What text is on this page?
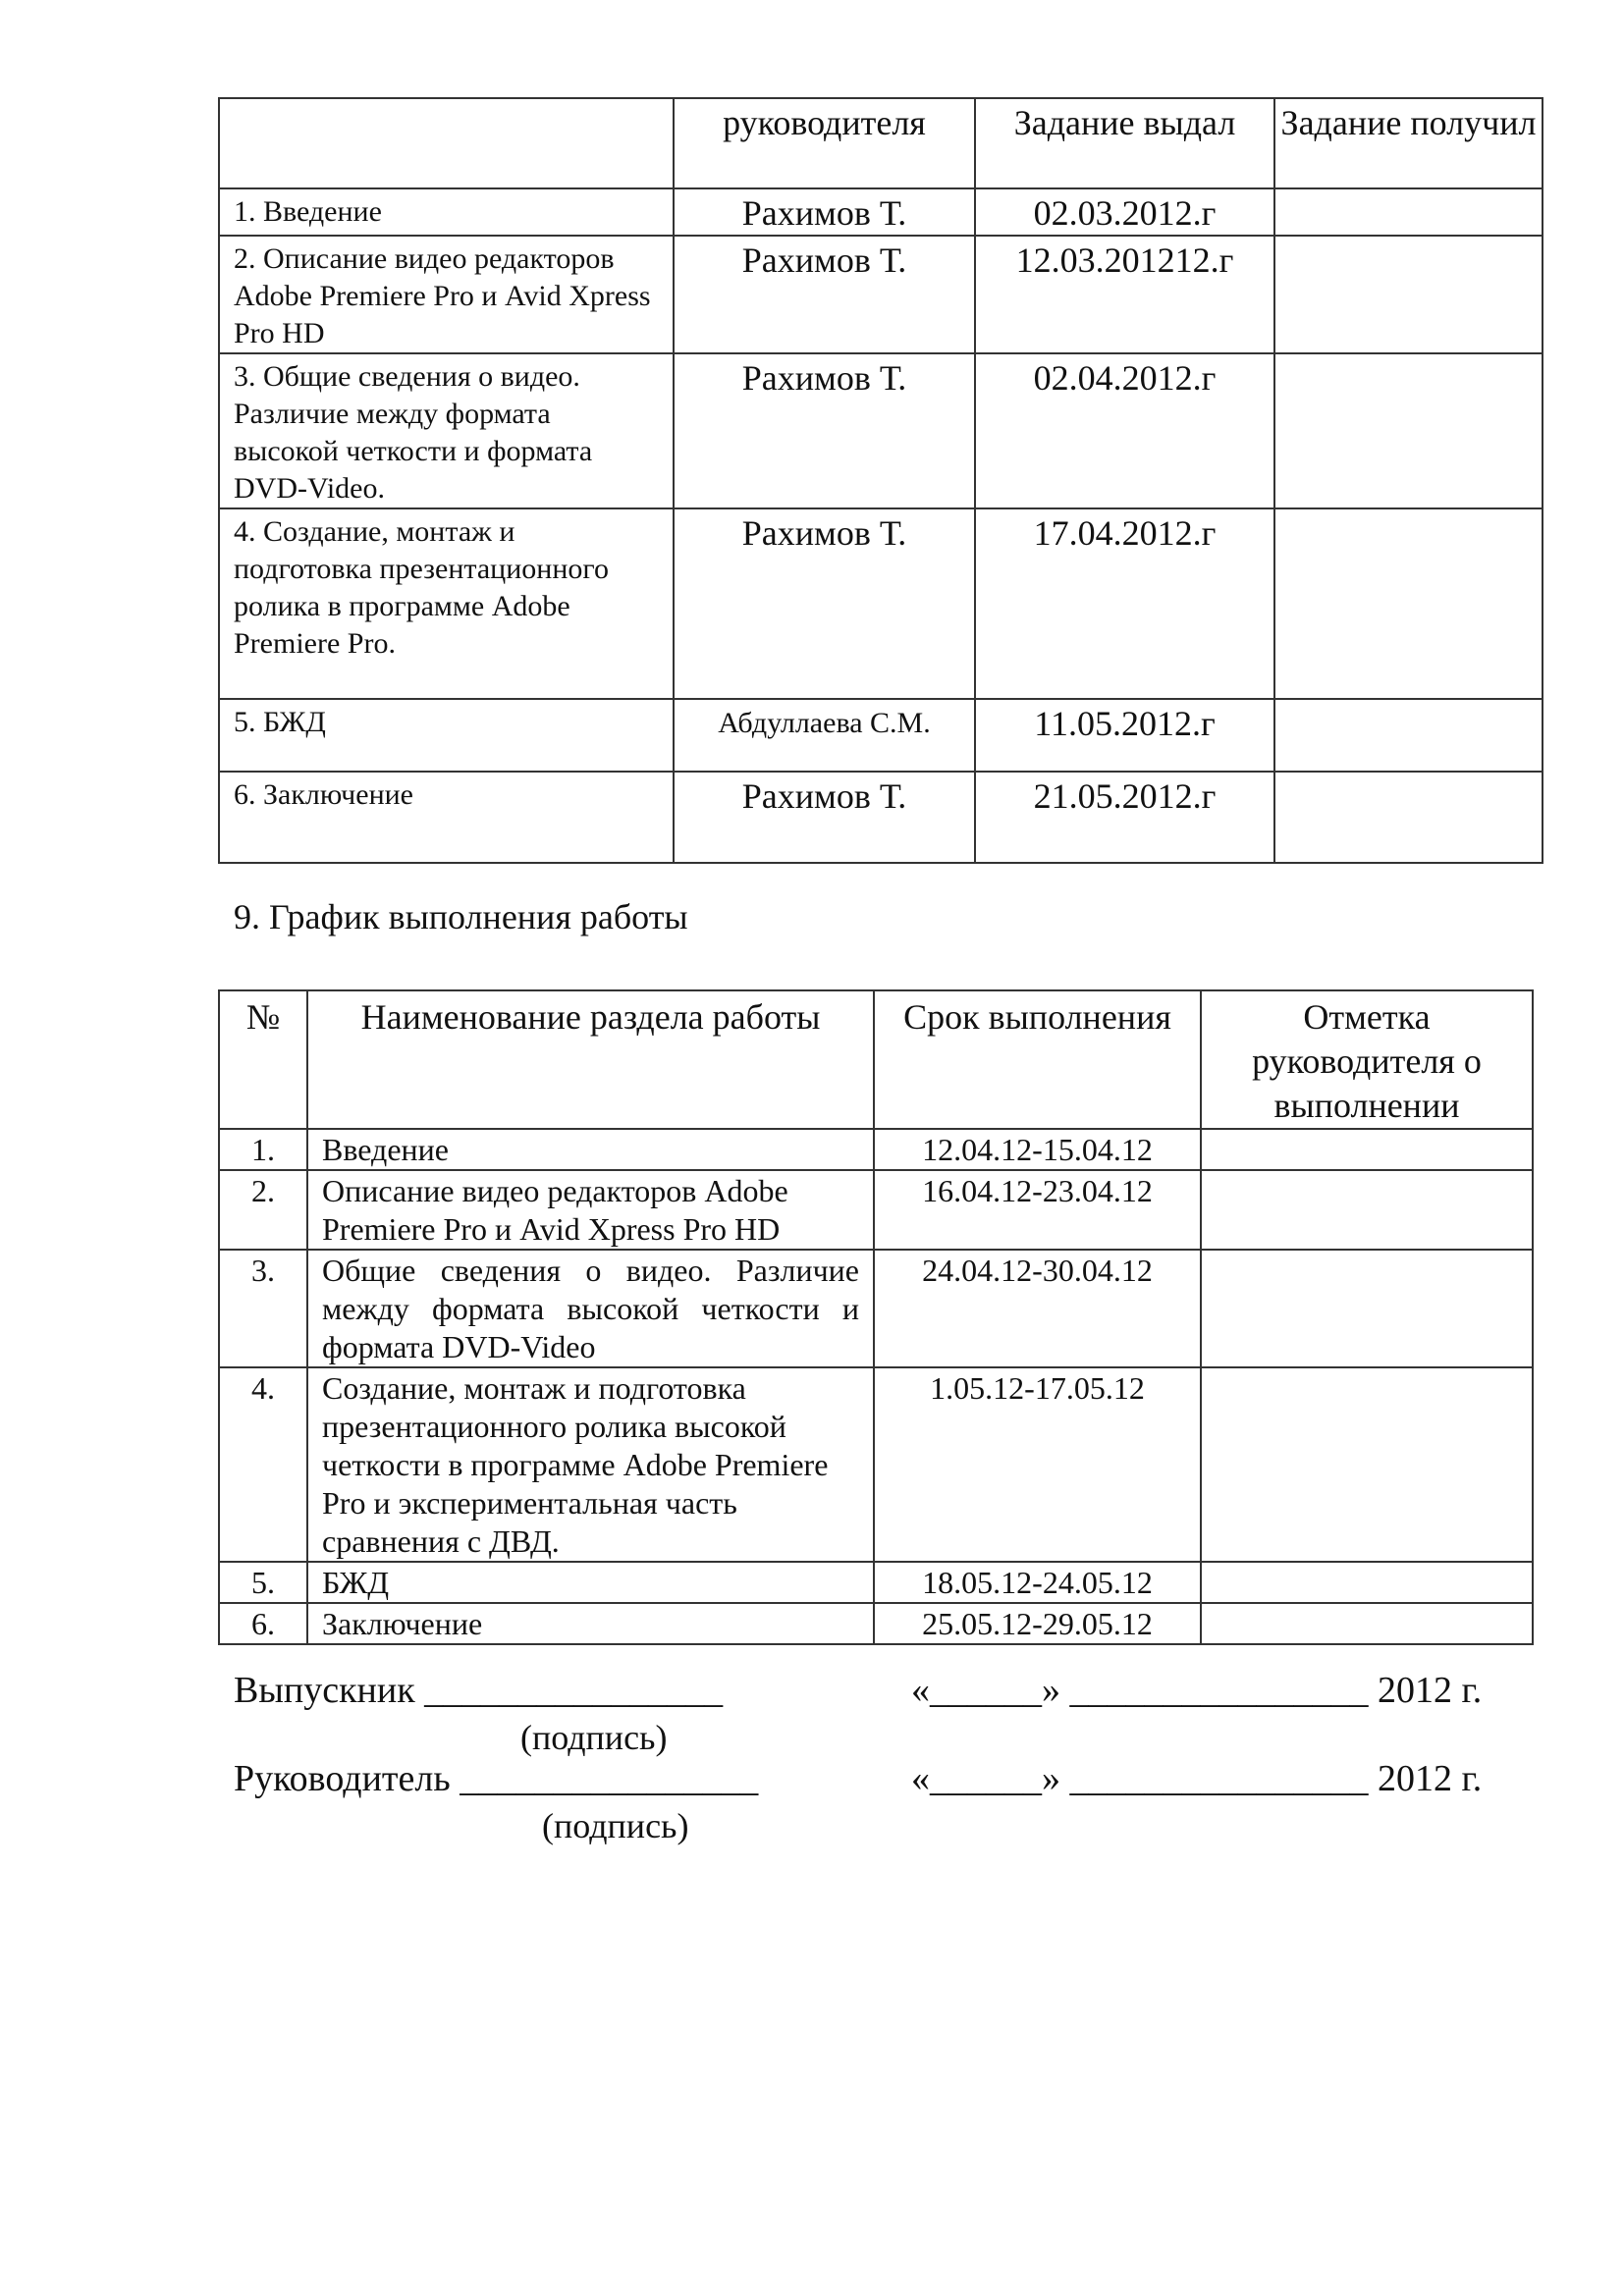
	руководителя	Задание выдал	Задание получил
1. Введение	Рахимов Т.	02.03.2012.г	
2. Описание видео редакторов Adobe Premiere Pro и Avid Xpress Pro HD	Рахимов Т.	12.03.201212.г	
3. Общие сведения о видео. Различие между формата высокой четкости и формата DVD-Video.	Рахимов Т.	02.04.2012.г	
4. Создание, монтаж и подготовка презентационного ролика в программе Adobe Premiere Pro.	Рахимов Т.	17.04.2012.г	
5. БЖД	Абдуллаева С.М.	11.05.2012.г	
6. Заключение	Рахимов Т.	21.05.2012.г	
9. График выполнения работы
№	Наименование раздела работы	Срок выполнения	Отметка руководителя о выполнении
1.	Введение	12.04.12-15.04.12	
2.	Описание видео редакторов Adobe Premiere Pro и Avid Xpress Pro HD	16.04.12-23.04.12	
3.	Общие сведения о видео. Различие между формата высокой четкости и формата DVD-Video	24.04.12-30.04.12	
4.	Создание, монтаж и подготовка презентационного ролика высокой четкости в программе Adobe Premiere Pro и экспериментальная часть сравнения с ДВД.	1.05.12-17.05.12	
5.	БЖД	18.05.12-24.05.12	
6.	Заключение	25.05.12-29.05.12	
Выпускник ________________	«______» ________________ 2012 г.
(подпись)
Руководитель ________________	«______» ________________ 2012 г.
(подпись)
